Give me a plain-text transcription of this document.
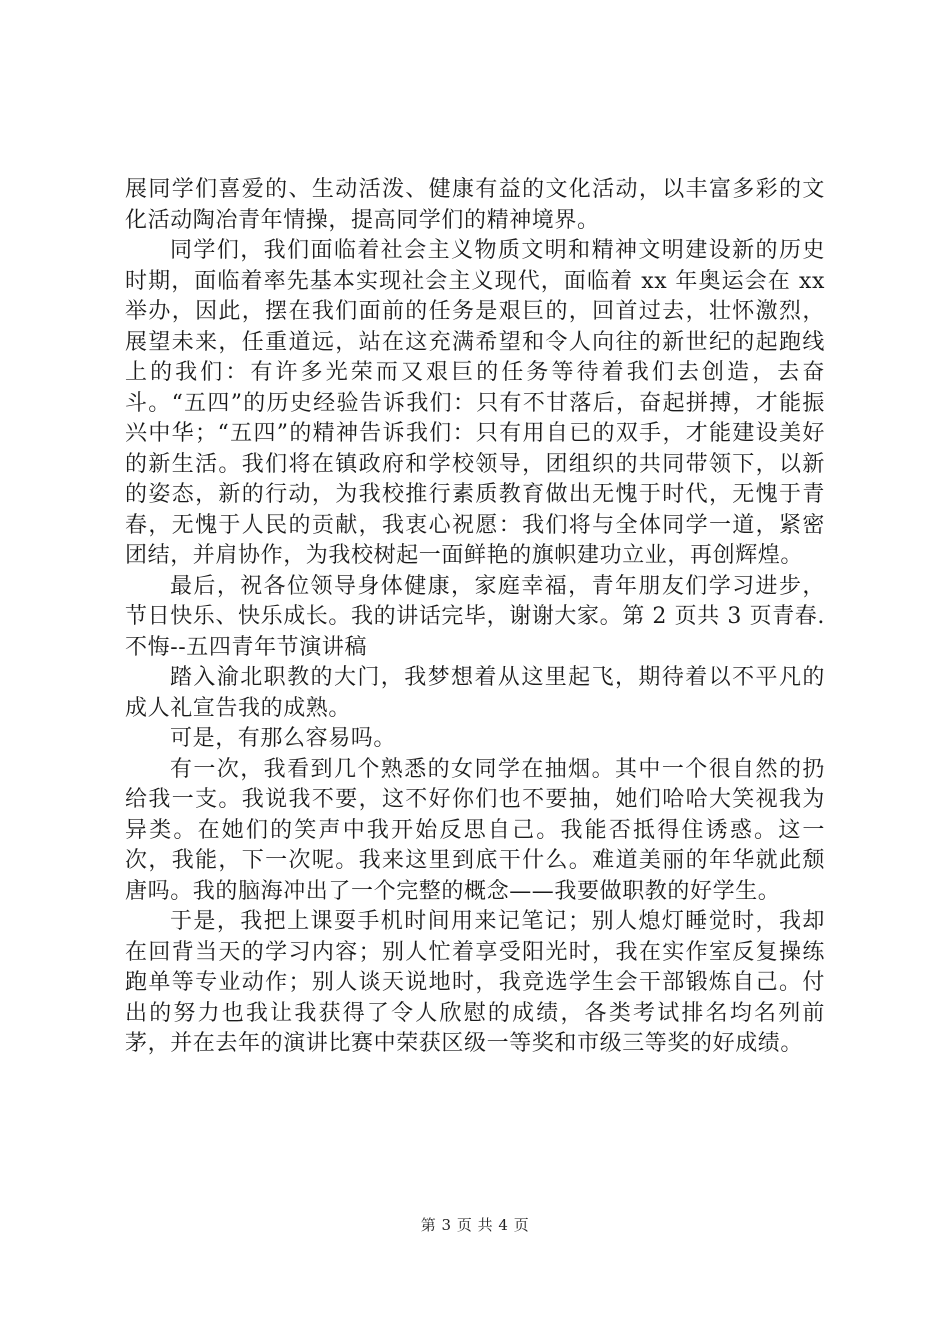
展同学们喜爱的、生动活泼、健康有益的文化活动，以丰富多彩的文化活动陶冶青年情操，提高同学们的精神境界。

同学们，我们面临着社会主义物质文明和精神文明建设新的历史时期，面临着率先基本实现社会主义现代，面临着 xx 年奥运会在 xx 举办，因此，摆在我们面前的任务是艰巨的，回首过去，壮怀激烈，展望未来，任重道远，站在这充满希望和令人向往的新世纪的起跑线上的我们：有许多光荣而又艰巨的任务等待着我们去创造，去奋斗。“五四”的历史经验告诉我们：只有不甘落后，奋起拼搏，才能振兴中华；“五四”的精神告诉我们：只有用自已的双手，才能建设美好的新生活。我们将在镇政府和学校领导，团组织的共同带领下，以新的姿态，新的行动，为我校推行素质教育做出无愧于时代，无愧于青春，无愧于人民的贡献，我衷心祝愿：我们将与全体同学一道，紧密团结，并肩协作，为我校树起一面鲜艳的旗帜建功立业，再创辉煌。

最后，祝各位领导身体健康，家庭幸福，青年朋友们学习进步，节日快乐、快乐成长。我的讲话完毕，谢谢大家。第 2 页共 3 页青春. 不悔--五四青年节演讲稿

踏入渝北职教的大门，我梦想着从这里起飞，期待着以不平凡的成人礼宣告我的成熟。

可是，有那么容易吗。

有一次，我看到几个熟悉的女同学在抽烟。其中一个很自然的扔给我一支。我说我不要，这不好你们也不要抽，她们哈哈大笑视我为异类。在她们的笑声中我开始反思自己。我能否抵得住诱惑。这一次，我能，下一次呢。我来这里到底干什么。难道美丽的年华就此颓唐吗。我的脑海冲出了一个完整的概念——我要做职教的好学生。

于是，我把上课耍手机时间用来记笔记；别人熄灯睡觉时，我却在回背当天的学习内容；别人忙着享受阳光时，我在实作室反复操练跑单等专业动作；别人谈天说地时，我竞选学生会干部锻炼自己。付出的努力也我让我获得了令人欣慰的成绩，各类考试排名均名列前茅，并在去年的演讲比赛中荣获区级一等奖和市级三等奖的好成绩。

第 3 页 共 4 页
